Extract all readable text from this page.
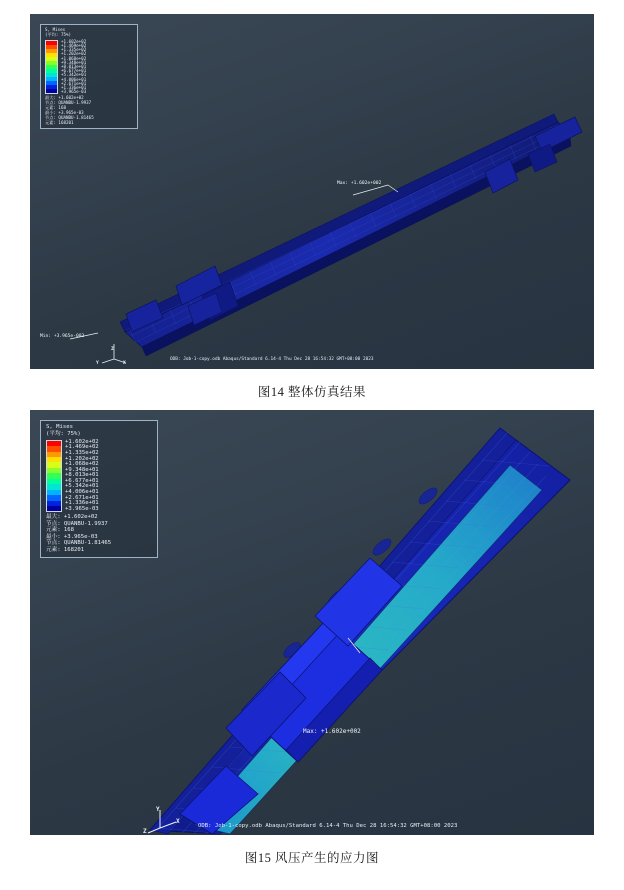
S, Mises
(平均: 75%)
+1.602e+02
+1.469e+02
+1.335e+02
+1.202e+02
+1.068e+02
+9.348e+01
+8.013e+01
+6.677e+01
+5.342e+01
+4.006e+01
+2.671e+01
+1.336e+01
+3.965e-03
最大: +1.602e+02
节点: QUANBU-1.9937
元素: 168
最小: +3.965e-03
节点: QUANBU-1.81465
元素: 168201
Max: +1.602e+002
Min: +3.965e-003
X
Y
Z
ODB: Job-1-copy.odb Abaqus/Standard 6.14-4 Thu Dec 28 16:54:32 GMT+08:00 2023
图14 整体仿真结果
S, Mises
(平均: 75%)
+1.602e+02
+1.469e+02
+1.335e+02
+1.202e+02
+1.068e+02
+9.348e+01
+8.013e+01
+6.677e+01
+5.342e+01
+4.006e+01
+2.671e+01
+1.336e+01
+3.965e-03
最大: +1.602e+02
节点: QUANBU-1.9937
元素: 168
最小: +3.965e-03
节点: QUANBU-1.81465
元素: 168201
Max: +1.602e+002
X
Y
Z
ODB: Job-1-copy.odb Abaqus/Standard 6.14-4 Thu Dec 28 16:54:32 GMT+08:00 2023
图15 风压产生的应力图
